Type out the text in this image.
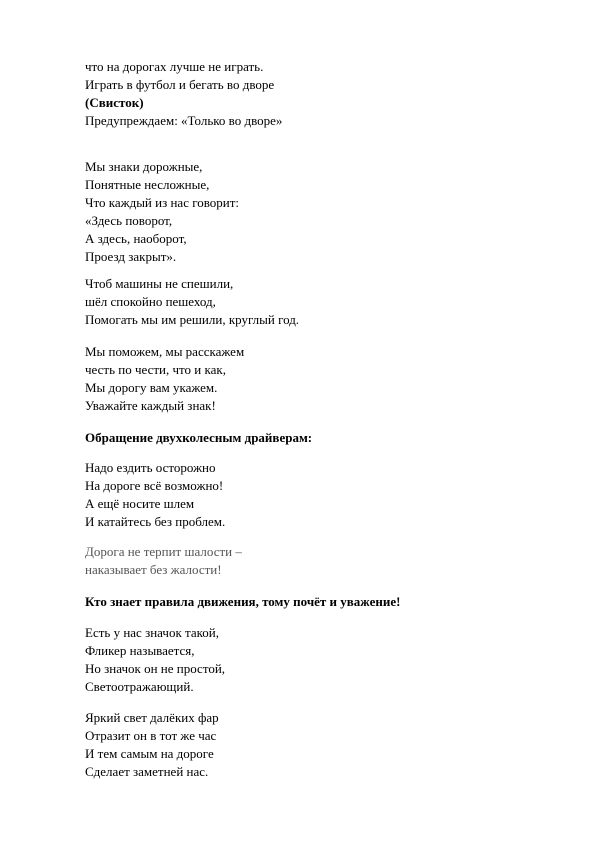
что на дорогах лучше не играть.
Играть в футбол и бегать во дворе
(Свисток)
Предупреждаем: «Только во дворе»
Мы знаки дорожные,
Понятные несложные,
Что каждый из нас говорит:
«Здесь поворот,
А здесь, наоборот,
Проезд закрыт».
Чтоб машины не спешили,
шёл спокойно пешеход,
Помогать мы им решили, круглый год.
Мы поможем, мы расскажем
честь по чести, что и как,
Мы дорогу вам укажем.
Уважайте каждый знак!
Обращение двухколесным драйверам:
Надо ездить осторожно
На дороге всё возможно!
А ещё носите шлем
И катайтесь без проблем.
Дорога не терпит шалости –
наказывает без жалости!
Кто знает правила движения, тому почёт и уважение!
Есть у нас значок такой,
Фликер называется,
Но значок он не простой,
Светоотражающий.
Яркий свет далёких фар
Отразит он в тот же час
И тем самым на дороге
Сделает заметней нас.
